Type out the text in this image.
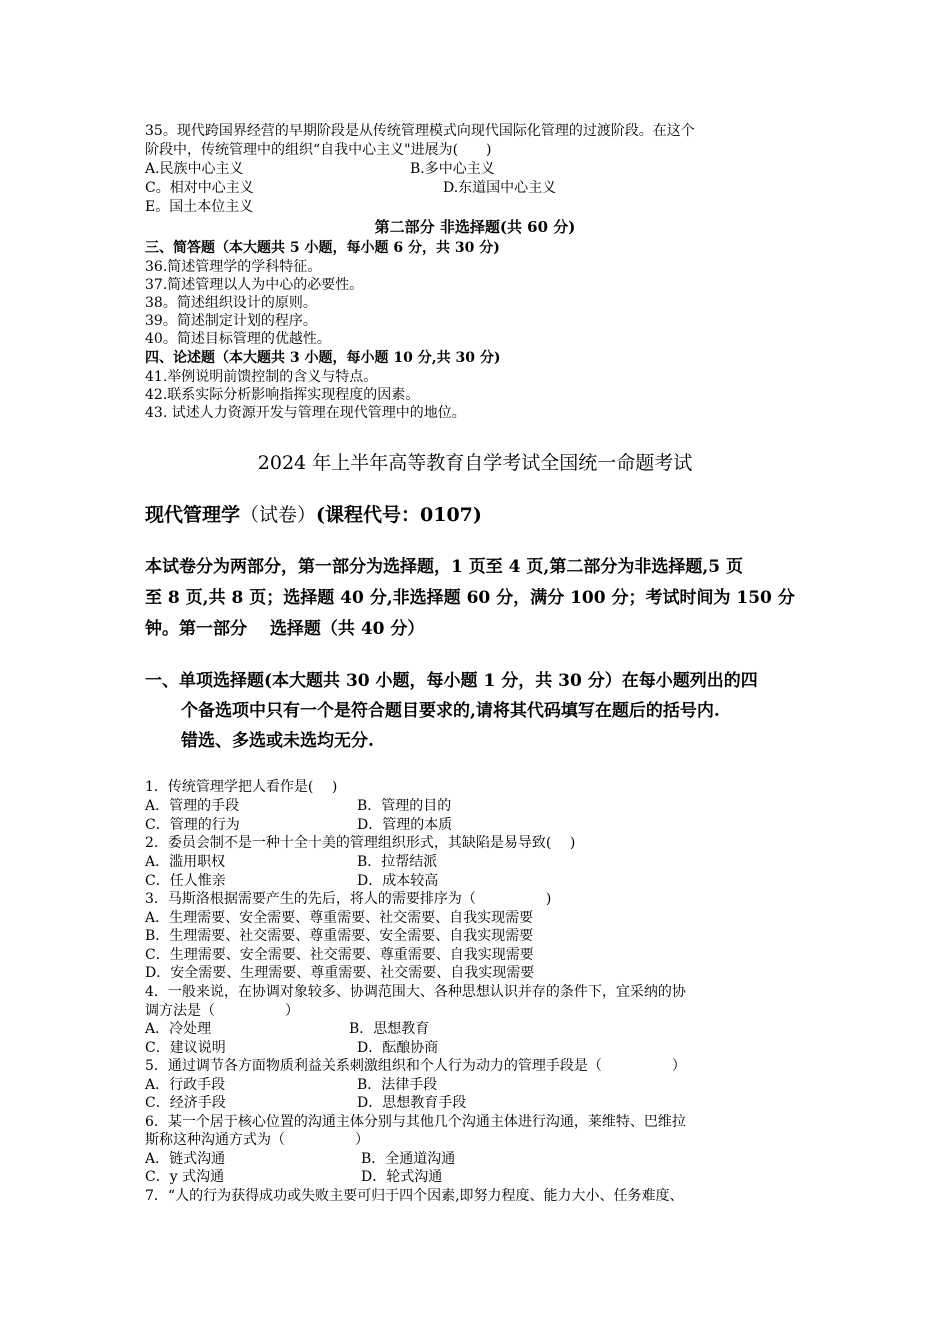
35。现代跨国界经营的早期阶段是从传统管理模式向现代国际化管理的过渡阶段。在这个
阶段中，传统管理中的组织“自我中心主义"进展为(　　)
A.民族中心主义	B.多中心主义
C。相对中心主义	D.东道国中心主义
E。国土本位主义
第二部分 非选择题(共 60 分)
三、简答题（本大题共 5 小题，每小题 6 分，共 30 分)
36.简述管理学的学科特征。
37.简述管理以人为中心的必要性。
38。简述组织设计的原则。
39。简述制定计划的程序。
40。简述目标管理的优越性。
四、论述题（本大题共 3 小题，每小题 10 分,共 30 分)
41.举例说明前馈控制的含义与特点。
42.联系实际分析影响指挥实现程度的因素。
43. 试述人力资源开发与管理在现代管理中的地位。
2024 年上半年高等教育自学考试全国统一命题考试
现代管理学（试卷）(课程代号：0107)
本试卷分为两部分，第一部分为选择题，1 页至 4 页,第二部分为非选择题,5 页
至 8 页,共 8 页；选择题 40 分,非选择题 60 分，满分 100 分；考试时间为 150 分
钟。第一部分　 选择题（共 40 分）
一、单项选择题(本大题共 30 小题，每小题 1 分，共 30 分）在每小题列出的四
个备选项中只有一个是符合题目要求的,请将其代码填写在题后的括号内.
错选、多选或未选均无分.
1．传统管理学把人看作是(　 )
A．管理的手段	B．管理的目的
C．管理的行为	D．管理的本质
2．委员会制不是一种十全十美的管理组织形式，其缺陷是易导致(　 )
A．滥用职权	B．拉帮结派
C．任人惟亲	D．成本较高
3．马斯洛根据需要产生的先后，将人的需要排序为（　　　　　)
A．生理需要、安全需要、尊重需要、社交需要、自我实现需要
B．生理需要、社交需要、尊重需要、安全需要、自我实现需要
C．生理需要、安全需要、社交需要、尊重需要、自我实现需要
D．安全需要、生理需要、尊重需要、社交需要、自我实现需要
4．一般来说，在协调对象较多、协调范围大、各种思想认识并存的条件下，宜采纳的协
调方法是（　　　　　）
A．冷处理	B．思想教育
C．建议说明	D．酝酿协商
5．通过调节各方面物质利益关系刺激组织和个人行为动力的管理手段是（　　　　　）
A．行政手段	B．法律手段
C．经济手段	D．思想教育手段
6．某一个居于核心位置的沟通主体分别与其他几个沟通主体进行沟通，莱维特、巴维拉
斯称这种沟通方式为（　　　　　）
A．链式沟通	B．全通道沟通
C．y 式沟通	D．轮式沟通
7．“人的行为获得成功或失败主要可归于四个因素,即努力程度、能力大小、任务难度、
